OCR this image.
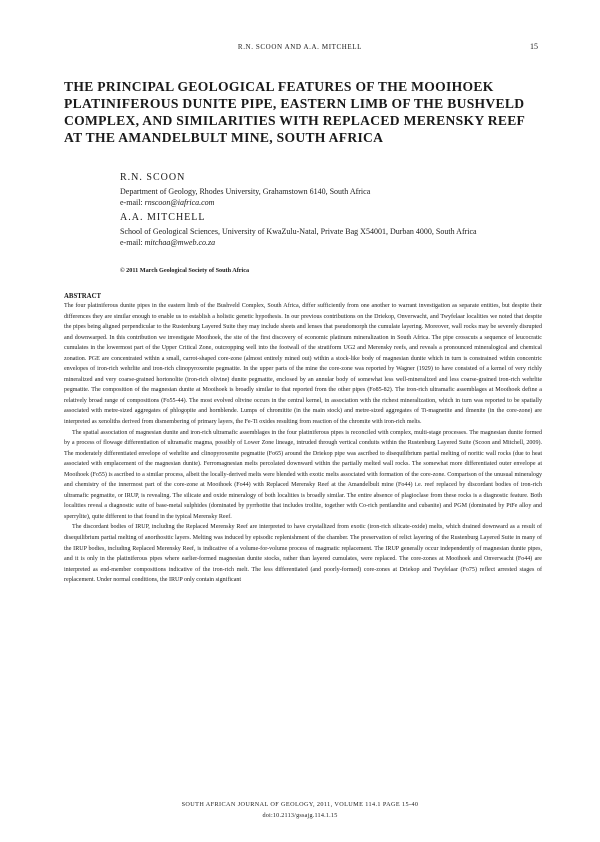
R.N. SCOON AND A.A. MITCHELL	15
THE PRINCIPAL GEOLOGICAL FEATURES OF THE MOOIHOEK PLATINIFEROUS DUNITE PIPE, EASTERN LIMB OF THE BUSHVELD COMPLEX, AND SIMILARITIES WITH REPLACED MERENSKY REEF AT THE AMANDELBULT MINE, SOUTH AFRICA
R.N. SCOON
Department of Geology, Rhodes University, Grahamstown 6140, South Africa
e-mail: rnscoon@iafrica.com
A.A. MITCHELL
School of Geological Sciences, University of KwaZulu-Natal, Private Bag X54001, Durban 4000, South Africa
e-mail: mitchaa@mweb.co.za
© 2011 March Geological Society of South Africa
ABSTRACT

The four platiniferous dunite pipes in the eastern limb of the Bushveld Complex, South Africa, differ sufficiently from one another to warrant investigation as separate entities, but despite their differences they are similar enough to enable us to establish a holistic genetic hypothesis. In our previous contributions on the Driekop, Onverwacht, and Twyfelaar localities we noted that despite the pipes being aligned perpendicular to the Rustenburg Layered Suite they may include sheets and lenses that pseudomorph the cumulate layering. Moreover, wall rocks may be severely disrupted and downwarped. In this contribution we investigate Mooihoek, the site of the first discovery of economic platinum mineralization in South Africa. The pipe crosscuts a sequence of leucocratic cumulates in the lowermost part of the Upper Critical Zone, outcropping well into the footwall of the stratiform UG2 and Merensky reefs, and reveals a pronounced mineralogical and chemical zonation. PGE are concentrated within a small, carrot-shaped core-zone (almost entirely mined out) within a stock-like body of magnesian dunite which in turn is constrained within concentric envelopes of iron-rich wehrlite and iron-rich clinopyroxenite pegmatite. In the upper parts of the mine the core-zone was reported by Wagner (1929) to have consisted of a kernel of very richly mineralized and very coarse-grained hortonolite (iron-rich olivine) dunite pegmatite, enclosed by an annular body of somewhat less well-mineralized and less coarse-grained iron-rich wehrlite pegmatite. The composition of the magnesian dunite at Mooihoek is broadly similar to that reported from the other pipes (Fo85-82). The iron-rich ultramafic assemblages at Mooihoek define a relatively broad range of compositions (Fo55-44). The most evolved olivine occurs in the central kernel, in association with the richest mineralization, which in turn was reported to be spatially associated with metre-sized aggregates of phlogopite and hornblende. Lumps of chromitite (in the main stock) and metre-sized aggregates of Ti-magnetite and ilmenite (in the core-zone) are interpreted as xenoliths derived from dismembering of primary layers, the Fe-Ti oxides resulting from reaction of the chromite with iron-rich melts.

The spatial association of magnesian dunite and iron-rich ultramafic assemblages in the four platiniferous pipes is reconciled with complex, multi-stage processes. The magnesian dunite formed by a process of flowage differentiation of ultramafic magma, possibly of Lower Zone lineage, intruded through vertical conduits within the Rustenburg Layered Suite (Scoon and Mitchell, 2009). The moderately differentiated envelope of wehrlite and clinopyroxenite pegmatite (Fo65) around the Driekop pipe was ascribed to disequilibrium partial melting of noritic wall rocks (due to heat associated with emplacement of the magnesian dunite). Ferromagnesian melts percolated downward within the partially melted wall rocks. The somewhat more differentiated outer envelope at Mooihoek (Fo55) is ascribed to a similar process, albeit the locally-derived melts were blended with exotic melts associated with formation of the core-zone. Comparison of the unusual mineralogy and chemistry of the innermost part of the core-zone at Mooihoek (Fo44) with Replaced Merensky Reef at the Amandelbult mine (Fo44) i.e. reef replaced by discordant bodies of iron-rich ultramafic pegmatite, or IRUP, is revealing. The silicate and oxide mineralogy of both localities is broadly similar. The entire absence of plagioclase from these rocks is a diagnostic feature. Both localities reveal a diagnostic suite of base-metal sulphides (dominated by pyrrhotite that includes troilite, together with Co-rich pentlandite and cubanite) and PGM (dominated by PtFe alloy and sperrylite), quite different to that found in the typical Merensky Reef.

The discordant bodies of IRUP, including the Replaced Merensky Reef are interpreted to have crystallized from exotic (iron-rich silicate-oxide) melts, which drained downward as a result of disequilibrium partial melting of anorthositic layers. Melting was induced by episodic replenishment of the chamber. The preservation of relict layering of the Rustenburg Layered Suite in many of the IRUP bodies, including Replaced Merensky Reef, is indicative of a volume-for-volume process of magmatic replacement. The IRUP generally occur independently of magnesian dunite pipes, and it is only in the platiniferous pipes where earlier-formed magnesian dunite stocks, rather than layered cumulates, were replaced. The core-zones at Mooihoek and Onverwacht (Fo44) are interpreted as end-member compositions indicative of the iron-rich melt. The less differentiated (and poorly-formed) core-zones at Driekop and Twyfelaar (Fo75) reflect arrested stages of replacement. Under normal conditions, the IRUP only contain significant

SOUTH AFRICAN JOURNAL OF GEOLOGY, 2011, VOLUME 114.1 PAGE 15-40
doi:10.2113/gssajg.114.1.15
